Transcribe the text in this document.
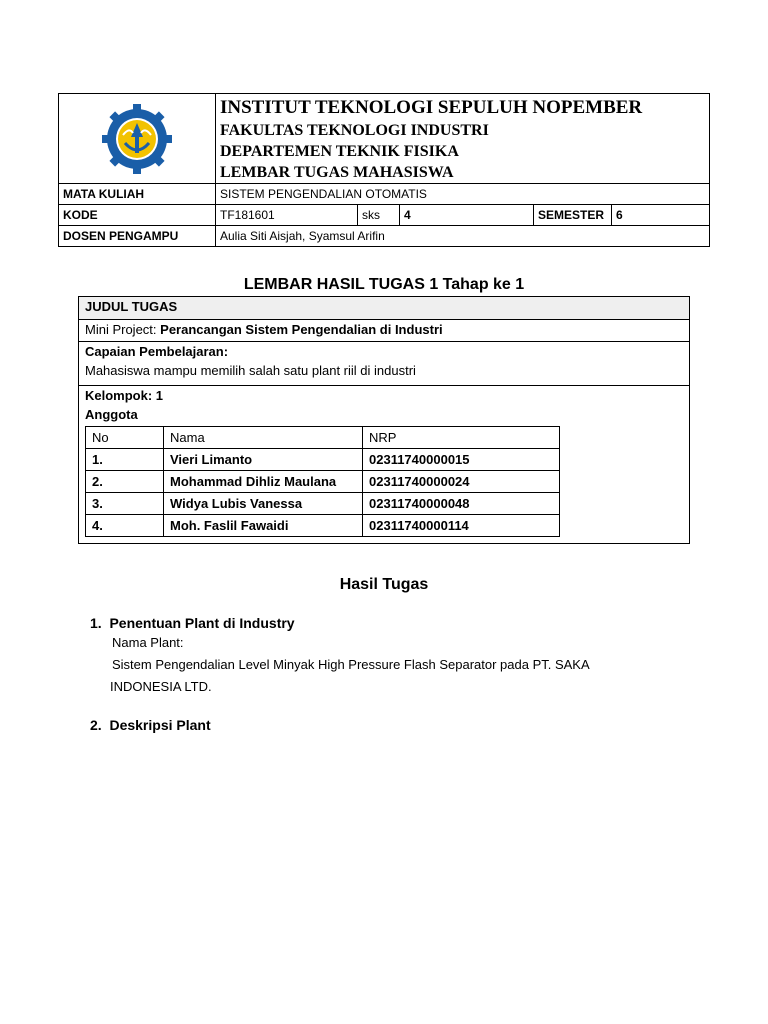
INSTITUT TEKNOLOGI SEPULUH NOPEMBER
FAKULTAS TEKNOLOGI INDUSTRI
DEPARTEMEN TEKNIK FISIKA
LEMBAR TUGAS MAHASISWA
MATA KULIAH	SISTEM PENGENDALIAN OTOMATIS
KODE	TF181601	sks	4	SEMESTER 6
DOSEN PENGAMPU	Aulia Siti Aisjah, Syamsul Arifin
LEMBAR HASIL TUGAS 1 Tahap ke 1
JUDUL TUGAS
Mini Project: Perancangan Sistem Pengendalian di Industri
Capaian Pembelajaran:
Mahasiswa mampu memilih salah satu plant riil di industri
Kelompok: 1
Anggota
No	Nama	NRP
1.	Vieri Limanto	02311740000015
2.	Mohammad Dihliz Maulana	02311740000024
3.	Widya Lubis Vanessa	02311740000048
4.	Moh. Faslil Fawaidi	02311740000114
Hasil Tugas
1.  Penentuan Plant di Industry
Nama Plant:
Sistem Pengendalian Level Minyak High Pressure Flash Separator pada PT. SAKA
INDONESIA LTD.
2.  Deskripsi Plant
